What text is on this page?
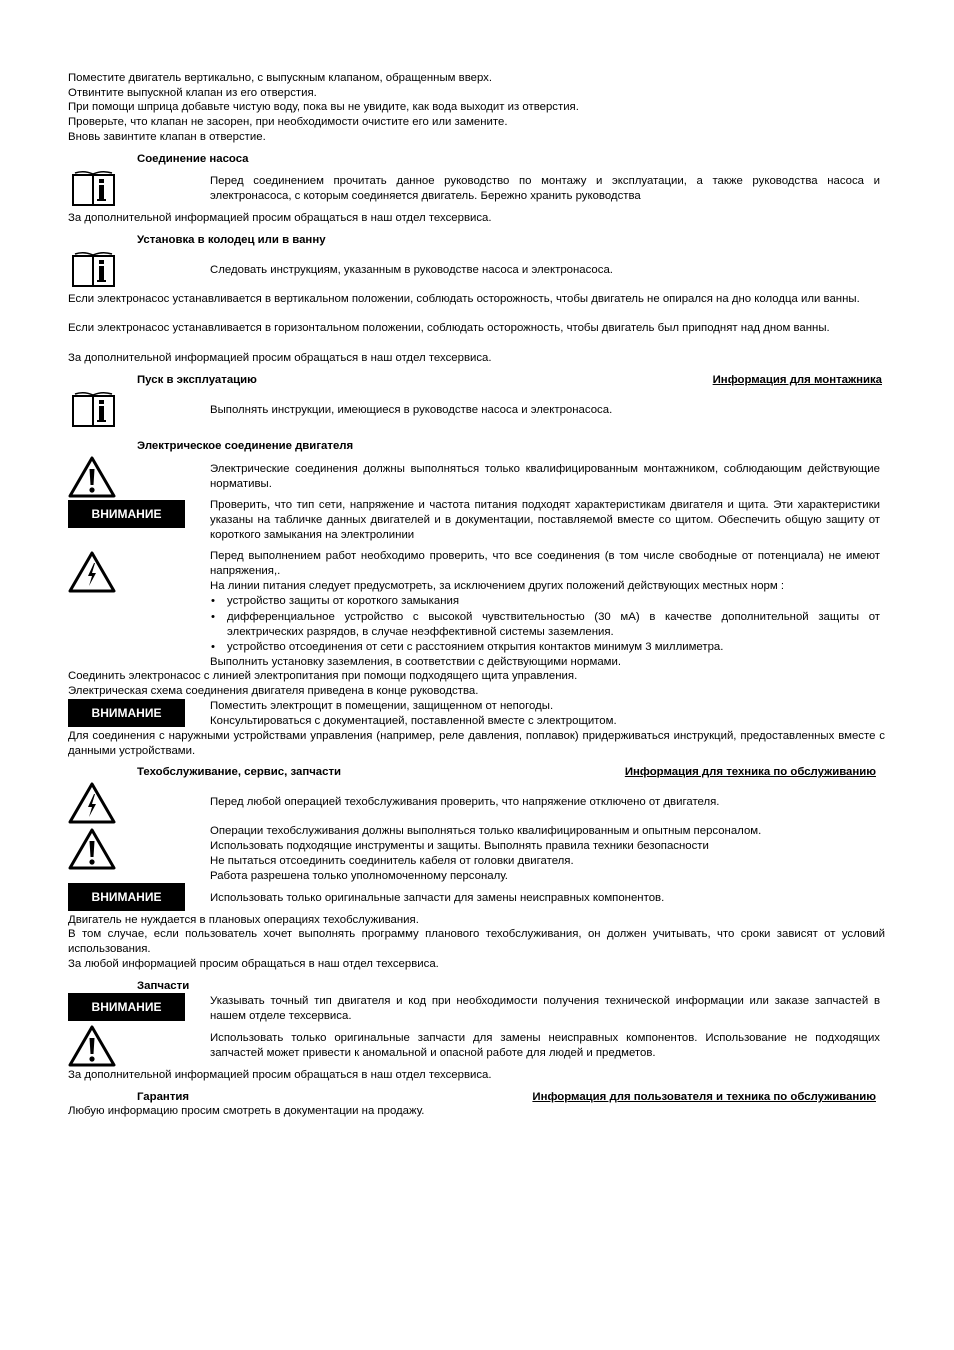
Поместите двигатель вертикально, с выпускным клапаном, обращенным вверх.
Отвинтите выпускной клапан из его отверстия.
При помощи шприца добавьте чистую воду, пока вы не увидите, как вода выходит из отверстия.
Проверьте, что клапан не засорен, при необходимости очистите его или замените.
Вновь завинтите клапан в отверстие.
Соединение насоса
Перед соединением прочитать данное руководство по монтажу и эксплуатации, а также руководства насоса и электронасоса, с которым соединяется двигатель. Бережно хранить руководства
За дополнительной информацией просим обращаться в наш отдел техсервиса.
Установка в колодец или в ванну
Следовать инструкциям, указанным в руководстве насоса и электронасоса.
Если электронасос устанавливается в вертикальном положении, соблюдать осторожность, чтобы двигатель не опирался на дно колодца или ванны.
Если электронасос устанавливается в горизонтальном положении, соблюдать осторожность, чтобы двигатель был приподнят над дном ванны.
За дополнительной информацией просим обращаться в наш отдел техсервиса.
Пуск в эксплуатацию	Информация для монтажника
Выполнять инструкции, имеющиеся в руководстве насоса и электронасоса.
Электрическое соединение двигателя
Электрические соединения должны выполняться только квалифицированным монтажником, соблюдающим действующие нормативы.
ВНИМАНИЕ
Проверить, что тип сети, напряжение и частота питания подходят характеристикам двигателя и щита. Эти характеристики указаны на табличке данных двигателей и в документации, поставляемой вместе со щитом. Обеспечить общую защиту от короткого замыкания на электролинии
Перед выполнением работ необходимо проверить, что все соединения (в том числе свободные от потенциала) не имеют напряжения,.
На линии питания следует предусмотреть, за исключением других положений действующих местных норм :
• устройство защиты от короткого замыкания
• дифференциальное устройство с высокой чувствительностью (30 мА) в качестве дополнительной защиты от электрических разрядов, в случае неэффективной системы заземления.
• устройство отсоединения от сети с расстоянием открытия контактов минимум 3 миллиметра.
Выполнить установку заземления, в соответствии с действующими нормами.
Соединить электронасос с линией электропитания при помощи подходящего щита управления.
Электрическая схема соединения двигателя приведена в конце руководства.
ВНИМАНИЕ	Поместить электрощит в помещении, защищенном от непогоды.
Консультироваться с документацией, поставленной вместе с электрощитом.
Для соединения с наружными устройствами управления (например, реле давления, поплавок) придерживаться инструкций, предоставленных вместе с данными устройствами.
Техобслуживание, сервис, запчасти	Информация для техника по обслуживанию
Перед любой операцией техобслуживания проверить, что напряжение отключено от двигателя.
Операции техобслуживания должны выполняться только квалифицированным и опытным персоналом.
Использовать подходящие инструменты и защиты. Выполнять правила техники безопасности
Не пытаться отсоединить соединитель кабеля от головки двигателя.
Работа разрешена только уполномоченному персоналу.
ВНИМАНИЕ	Использовать только оригинальные запчасти для замены неисправных компонентов.
Двигатель не нуждается в плановых операциях техобслуживания.
В том случае, если пользователь хочет выполнять программу планового техобслуживания, он должен учитывать, что сроки зависят от условий использования.
За любой информацией просим обращаться в наш отдел техсервиса.
Запчасти
ВНИМАНИЕ	Указывать точный тип двигателя и код при необходимости получения технической информации или заказе запчастей в нашем отделе техсервиса.
Использовать только оригинальные запчасти для замены неисправных компонентов. Использование не подходящих запчастей может привести к аномальной и опасной работе для людей и предметов.
За дополнительной информацией просим обращаться в наш отдел техсервиса.
Гарантия	Информация для пользователя и техника по обслуживанию
Любую информацию просим смотреть в документации на продажу.
